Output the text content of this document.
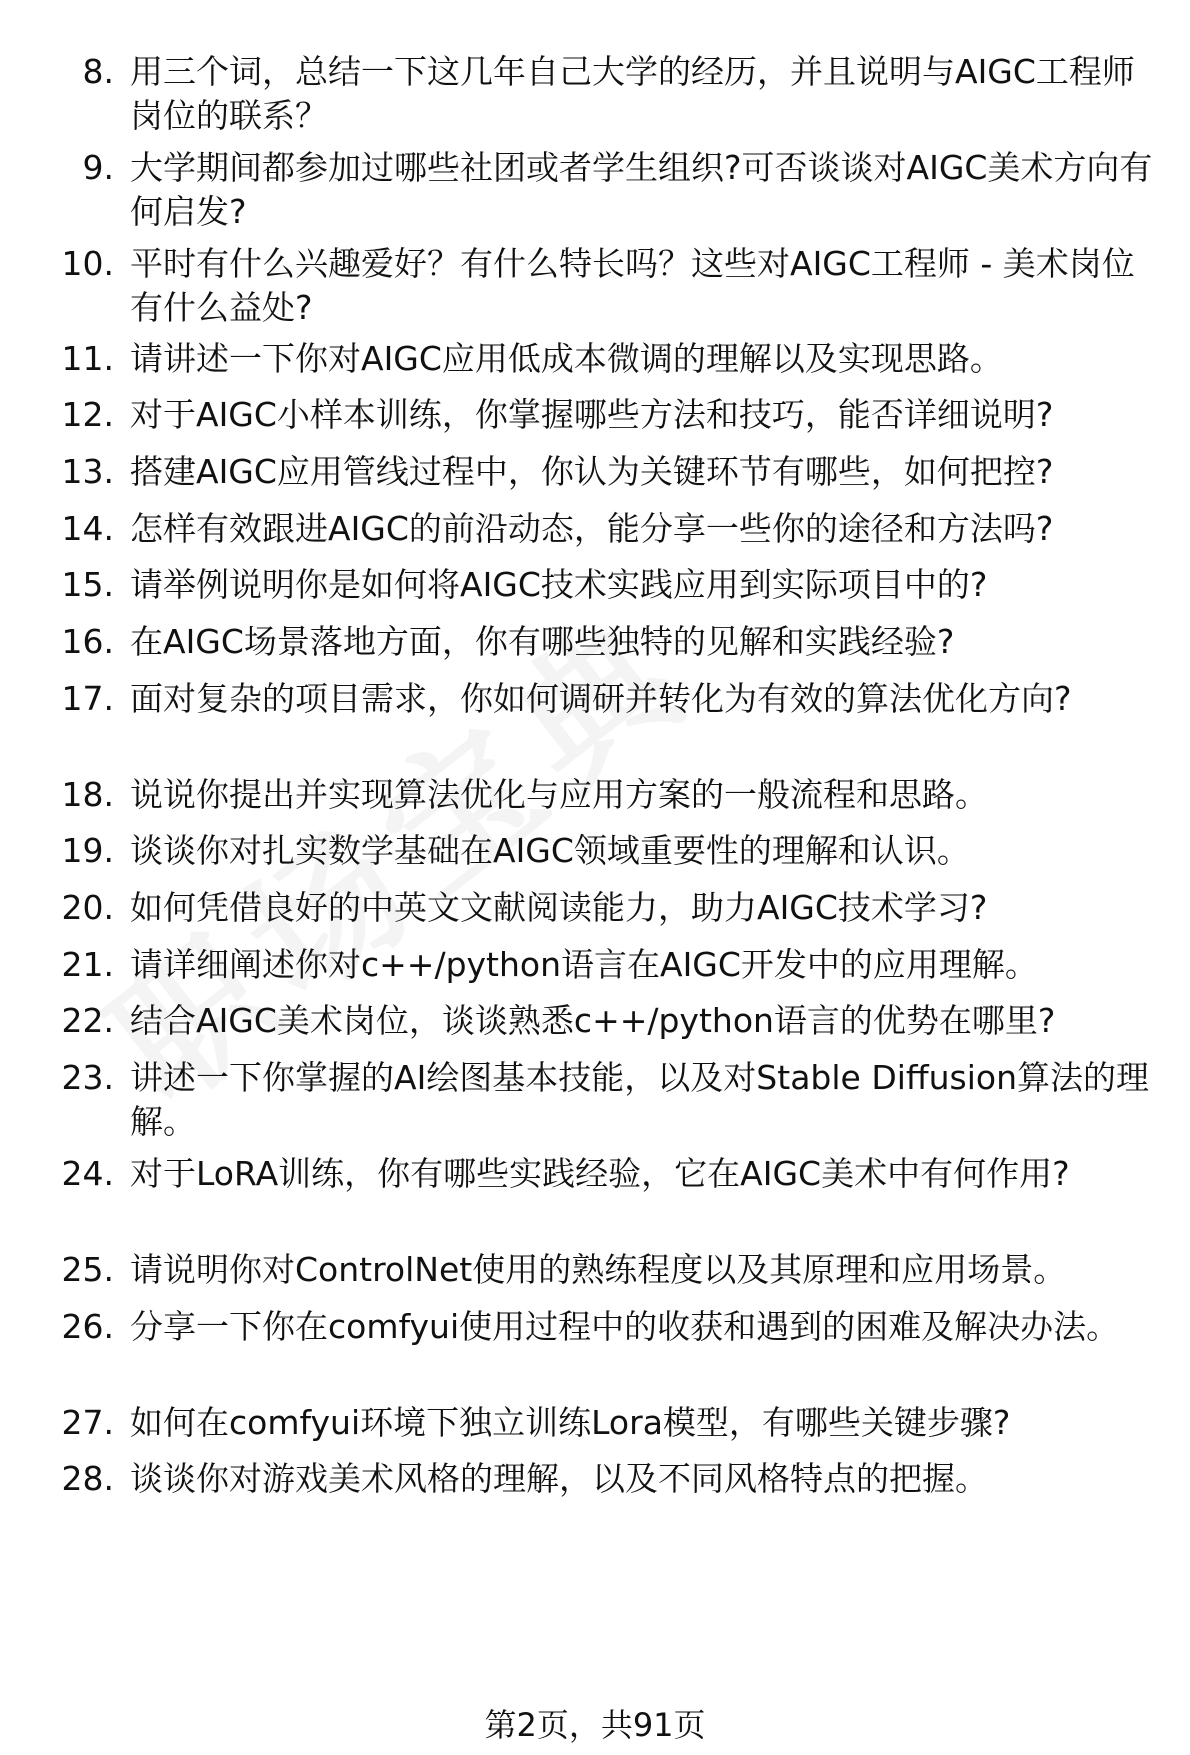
8. 用三个词，总结一下这几年自己大学的经历，并且说明与AIGC工程师岗位的联系？
9. 大学期间都参加过哪些社团或者学生组织?可否谈谈对AIGC美术方向有何启发?
10. 平时有什么兴趣爱好？有什么特长吗？这些对AIGC工程师 - 美术岗位有什么益处?
11. 请讲述一下你对AIGC应用低成本微调的理解以及实现思路。
12. 对于AIGC小样本训练，你掌握哪些方法和技巧，能否详细说明?
13. 搭建AIGC应用管线过程中，你认为关键环节有哪些，如何把控?
14. 怎样有效跟进AIGC的前沿动态，能分享一些你的途径和方法吗?
15. 请举例说明你是如何将AIGC技术实践应用到实际项目中的?
16. 在AIGC场景落地方面，你有哪些独特的见解和实践经验?
17. 面对复杂的项目需求，你如何调研并转化为有效的算法优化方向?
18. 说说你提出并实现算法优化与应用方案的一般流程和思路。
19. 谈谈你对扎实数学基础在AIGC领域重要性的理解和认识。
20. 如何凭借良好的中英文文献阅读能力，助力AIGC技术学习?
21. 请详细阐述你对c++/python语言在AIGC开发中的应用理解。
22. 结合AIGC美术岗位，谈谈熟悉c++/python语言的优势在哪里?
23. 讲述一下你掌握的AI绘图基本技能，以及对Stable Diffusion算法的理解。
24. 对于LoRA训练，你有哪些实践经验，它在AIGC美术中有何作用?
25. 请说明你对ControlNet使用的熟练程度以及其原理和应用场景。
26. 分享一下你在comfyui使用过程中的收获和遇到的困难及解决办法。
27. 如何在comfyui环境下独立训练Lora模型，有哪些关键步骤?
28. 谈谈你对游戏美术风格的理解，以及不同风格特点的把握。
第2页，共91页
